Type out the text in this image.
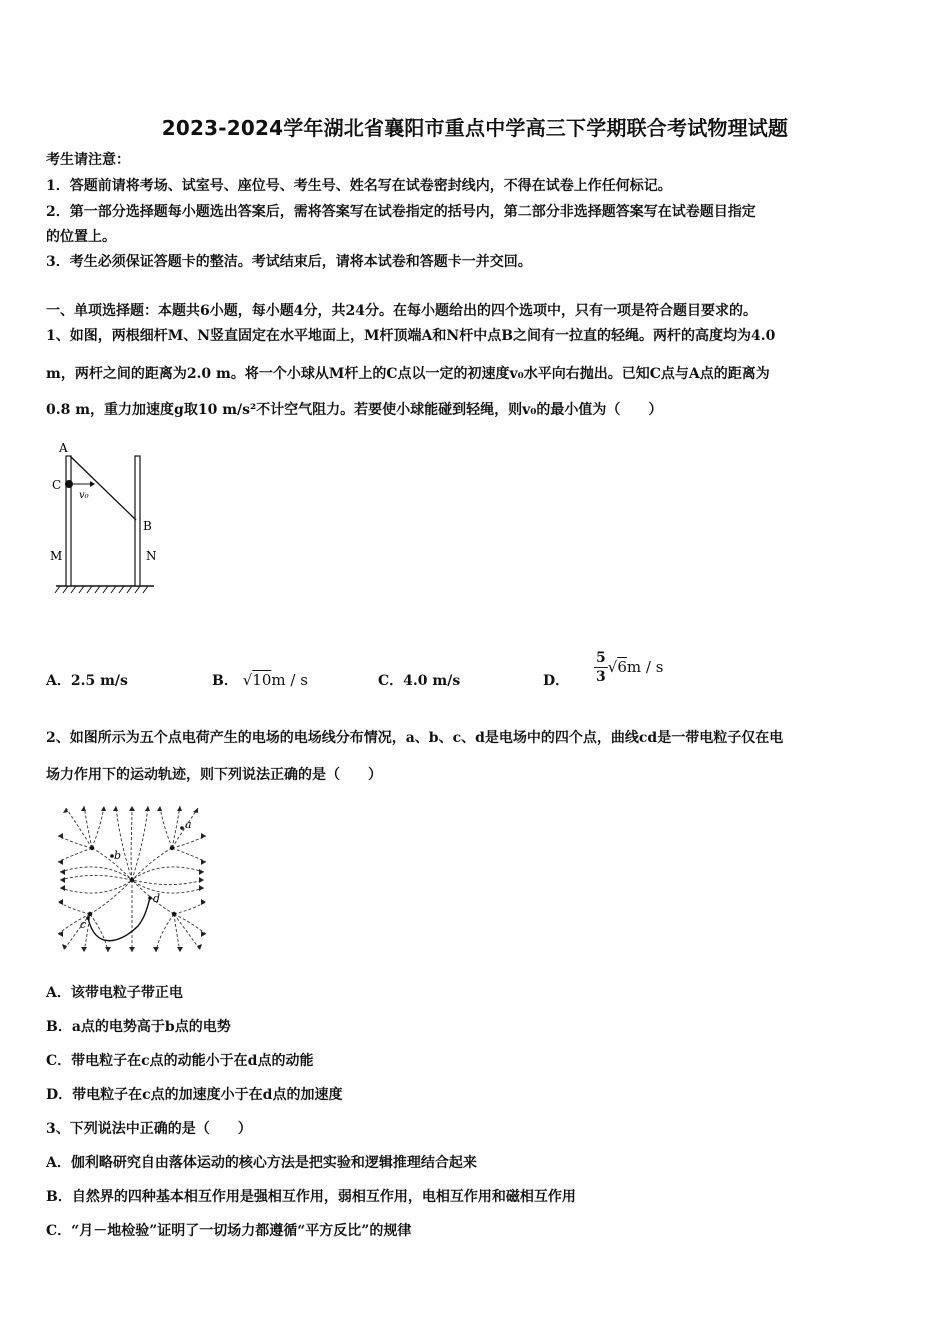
2023-2024学年湖北省襄阳市重点中学高三下学期联合考试物理试题
考生请注意：
1．答题前请将考场、试室号、座位号、考生号、姓名写在试卷密封线内，不得在试卷上作任何标记。
2．第一部分选择题每小题选出答案后，需将答案写在试卷指定的括号内，第二部分非选择题答案写在试卷题目指定
的位置上。
3．考生必须保证答题卡的整洁。考试结束后，请将本试卷和答题卡一并交回。
一、单项选择题：本题共6小题，每小题4分，共24分。在每小题给出的四个选项中，只有一项是符合题目要求的。
1、如图，两根细杆M、N竖直固定在水平地面上，M杆顶端A和N杆中点B之间有一拉直的轻绳。两杆的高度均为4.0
m，两杆之间的距离为2.0 m。将一个小球从M杆上的C点以一定的初速度v₀水平向右抛出。已知C点与A点的距离为
0.8 m，重力加速度g取10 m/s²不计空气阻力。若要使小球能碰到轻绳，则v₀的最小值为（　　）
A
C
v₀
B
M	N
A．2.5 m/s	B． √10m / s	C．4.0 m/s	D． $\frac{5}{3} √6m$ / s
2、如图所示为五个点电荷产生的电场的电场线分布情况，a、b、c、d是电场中的四个点，曲线cd是一带电粒子仅在电
场力作用下的运动轨迹，则下列说法正确的是（　　）
a
b
c
d
A．该带电粒子带正电
B．a点的电势高于b点的电势
C．带电粒子在c点的动能小于在d点的动能
D．带电粒子在c点的加速度小于在d点的加速度
3、下列说法中正确的是（　　）
A．伽利略研究自由落体运动的核心方法是把实验和逻辑推理结合起来
B．自然界的四种基本相互作用是强相互作用，弱相互作用，电相互作用和磁相互作用
C．“月－地检验”证明了一切场力都遵循“平方反比”的规律
